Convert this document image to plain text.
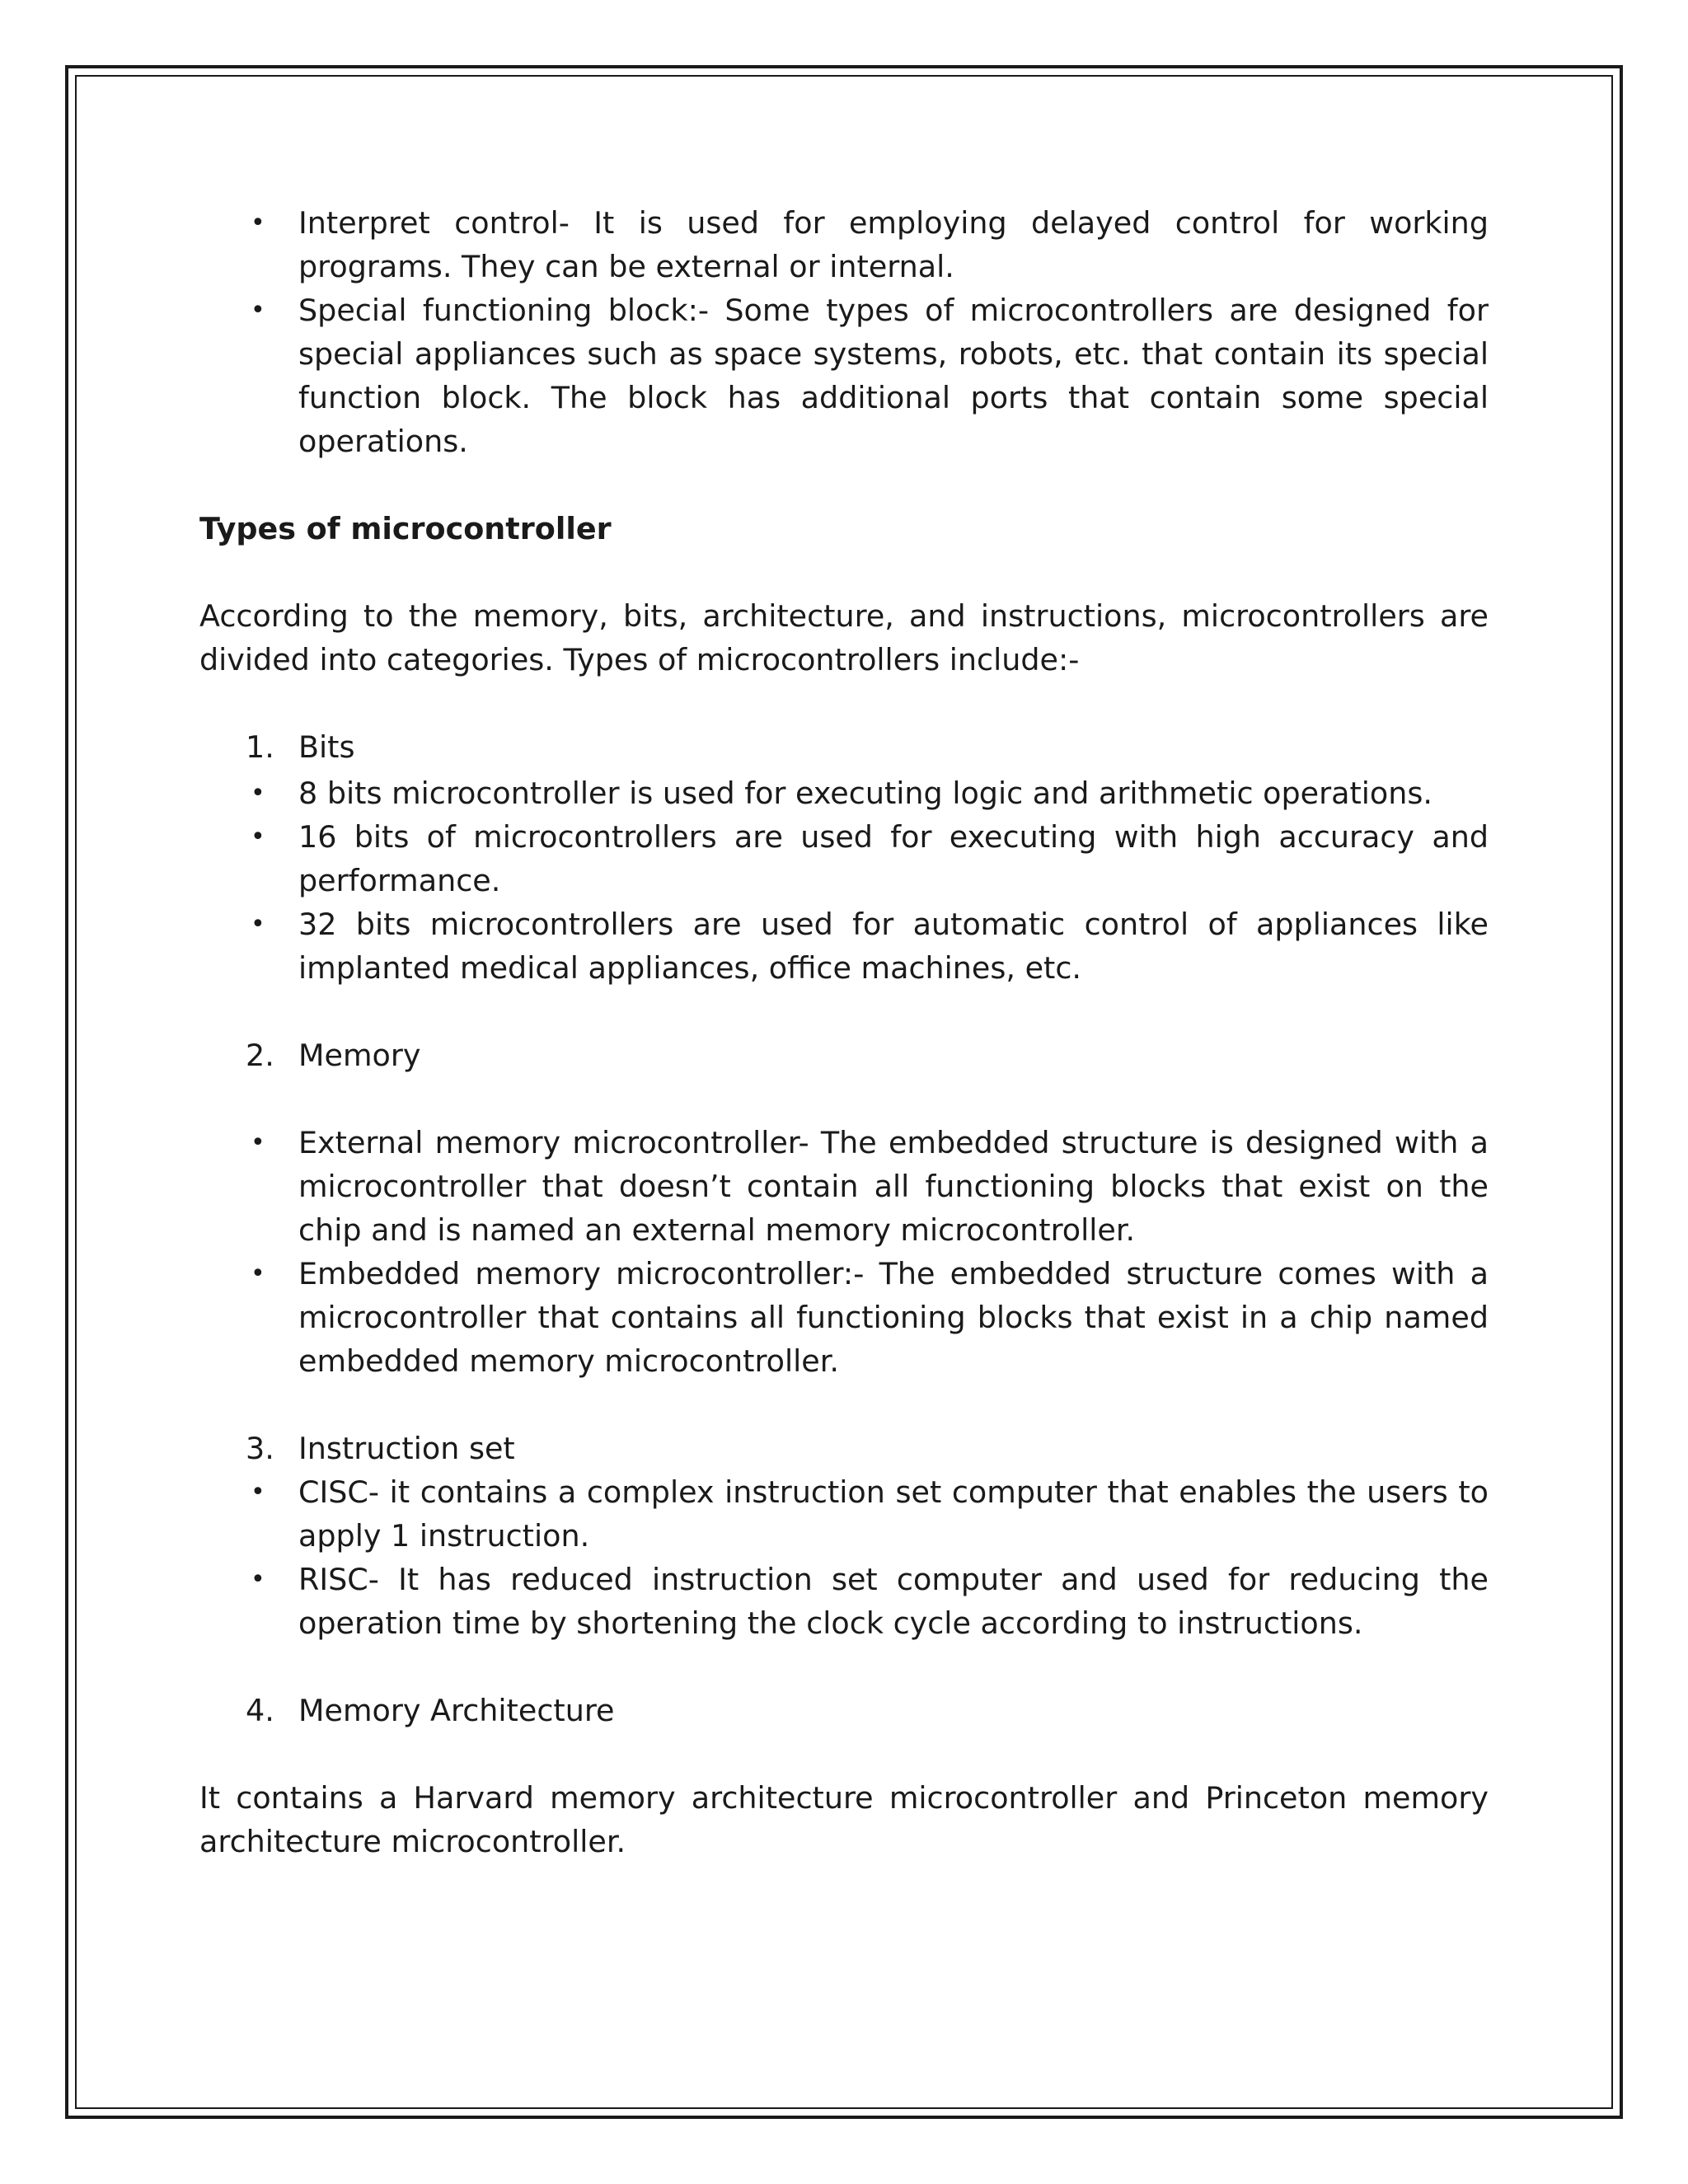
• Interpret control- It is used for employing delayed control for working programs. They can be external or internal.
• Special functioning block:- Some types of microcontrollers are designed for special appliances such as space systems, robots, etc. that contain its special function block. The block has additional ports that contain some special operations.
Types of microcontroller
According to the memory, bits, architecture, and instructions, microcontrollers are divided into categories. Types of microcontrollers include:-
1. Bits
• 8 bits microcontroller is used for executing logic and arithmetic operations.
• 16 bits of microcontrollers are used for executing with high accuracy and performance.
• 32 bits microcontrollers are used for automatic control of appliances like implanted medical appliances, office machines, etc.
2. Memory
• External memory microcontroller- The embedded structure is designed with a microcontroller that doesn’t contain all functioning blocks that exist on the chip and is named an external memory microcontroller.
• Embedded memory microcontroller:- The embedded structure comes with a microcontroller that contains all functioning blocks that exist in a chip named embedded memory microcontroller.
3. Instruction set
• CISC- it contains a complex instruction set computer that enables the users to apply 1 instruction.
• RISC- It has reduced instruction set computer and used for reducing the operation time by shortening the clock cycle according to instructions.
4. Memory Architecture
It contains a Harvard memory architecture microcontroller and Princeton memory architecture microcontroller.
